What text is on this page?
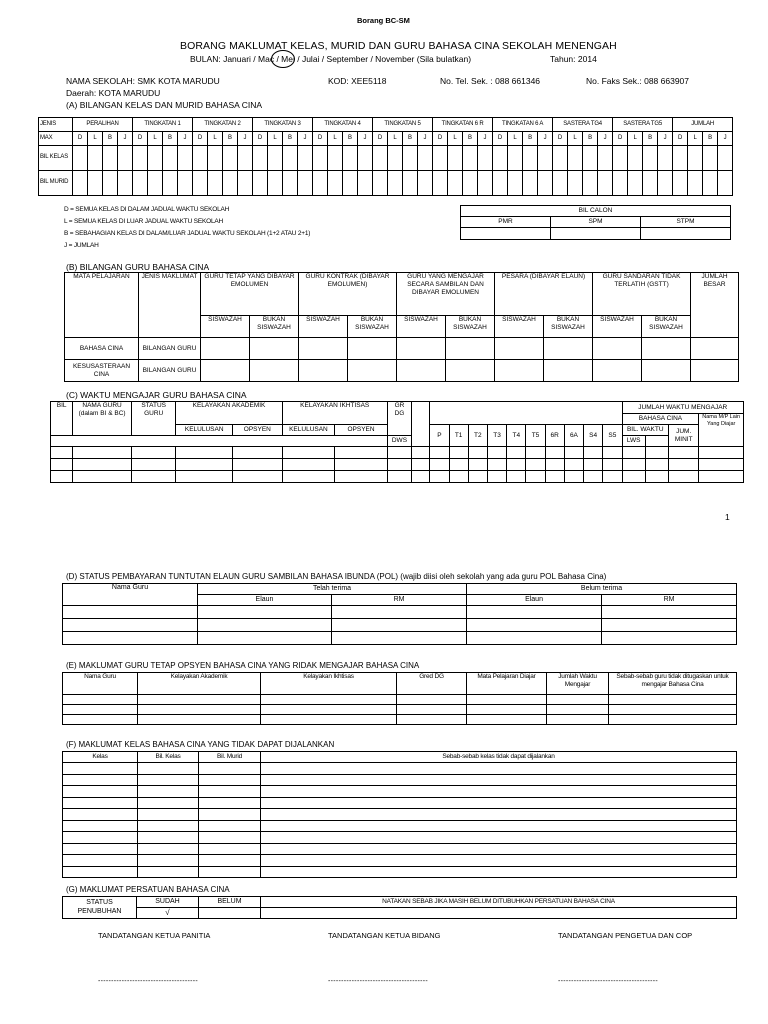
Borang BC-SM
BORANG MAKLUMAT KELAS, MURID DAN GURU BAHASA CINA SEKOLAH MENENGAH
BULAN: Januari / Mac / Mei / Julai / September / November (Sila bulatkan)	Tahun: 2014
NAMA SEKOLAH: SMK KOTA MARUDU	KOD: XEE5118	No. Tel. Sek. : 088 661346	No. Faks Sek.: 088 663907
Daerah: KOTA MARUDU
(A) BILANGAN KELAS DAN MURID BAHASA CINA
JENIS	PERALIHAN				TINGKATAN 1				TINGKATAN 2				TINGKATAN 3				TINGKATAN 4				TINGKATAN 5				TINGKATAN 6 R				TINGKATAN 6 A				SASTERA TG4				SASTERA TG5				JUMLAH			
MAX	D	L	B	J	D	L	B	J	D	L	B	J	D	L	B	J	D	L	B	J	D	L	B	J	D	L	B	J	D	L	B	J	D	L	B	J	D	L	B	J	D	L	B	J
BIL KELAS																																												
BIL MURID																																												
D = SEMUA KELAS DI DALAM JADUAL WAKTU SEKOLAH
L = SEMUA KELAS DI LUAR JADUAL WAKTU SEKOLAH
B = SEBAHAGIAN KELAS DI DALAM/LUAR JADUAL WAKTU SEKOLAH (1+2 ATAU 2+1)
J = JUMLAH
BIL CALON		
PMR	SPM	STPM

(B) BILANGAN GURU BAHASA CINA
MATA PELAJARAN	JENIS MAKLUMAT	GURU TETAP YANG DIBAYAR EMOLUMEN		GURU KONTRAK (DIBAYAR EMOLUMEN)		GURU YANG MENGAJAR SECARA SAMBILAN DAN DIBAYAR EMOLUMEN		PESARA (DIBAYAR ELAUN)		GURU SANDARAN TIDAK TERLATIH (GSTT)		JUMLAH BESAR
		SISWAZAH	BUKAN SISWAZAH	SISWAZAH	BUKAN SISWAZAH	SISWAZAH	BUKAN SISWAZAH	SISWAZAH	BUKAN SISWAZAH	SISWAZAH	BUKAN SISWAZAH	
BAHASA CINA	BILANGAN GURU											
KESUSASTERAAN CINA	BILANGAN GURU											
(C) WAKTU MENGAJAR GURU BAHASA CINA
BIL	NAMA GURU (dalam BI & BC)	STATUS GURU	KELAYAKAN AKADEMIK		KELAYAKAN IKHTISAS		GR DG												JUMLAH WAKTU MENGAJAR			
																			BAHASA CINA			Nama M/P Lain Yang Diajar
			KELULUSAN	OPSYEN	KELULUSAN	OPSYEN			P	T1	T2	T3	T4	T5	6R	6A	S4	S5	BIL. WAKTU		JUM. MINIT	
							DWS												LWS			

1
(D) STATUS PEMBAYARAN TUNTUTAN ELAUN GURU SAMBILAN BAHASA IBUNDA (POL) (wajib diisi oleh sekolah yang ada guru POL Bahasa Cina)
Nama Guru	Telah terima		Belum terima	
	Elaun	RM	Elaun	RM

(E) MAKLUMAT GURU TETAP OPSYEN BAHASA CINA YANG RIDAK MENGAJAR BAHASA CINA
Nama Guru	Kelayakan Akademik	Kelayakan Ikhtisas	Gred DG	Mata Pelajaran Diajar	Jumlah Waktu Mengajar	Sebab-sebab guru tidak ditugaskan untuk mengajar Bahasa Cina

(F) MAKLUMAT KELAS BAHASA CINA YANG TIDAK DAPAT DIJALANKAN
Kelas	Bil. Kelas	Bil. Murid	Sebab-sebab kelas tidak dapat dijalankan

(G) MAKLUMAT PERSATUAN BAHASA CINA
STATUS PENUBUHAN	SUDAH	BELUM	NATAKAN SEBAB JIKA MASIH BELUM DITUBUHKAN PERSATUAN BAHASA CINA
	√		
TANDATANGAN KETUA PANITIA	TANDATANGAN KETUA BIDANG	TANDATANGAN PENGETUA DAN COP
--------------------------------------	--------------------------------------	--------------------------------------
